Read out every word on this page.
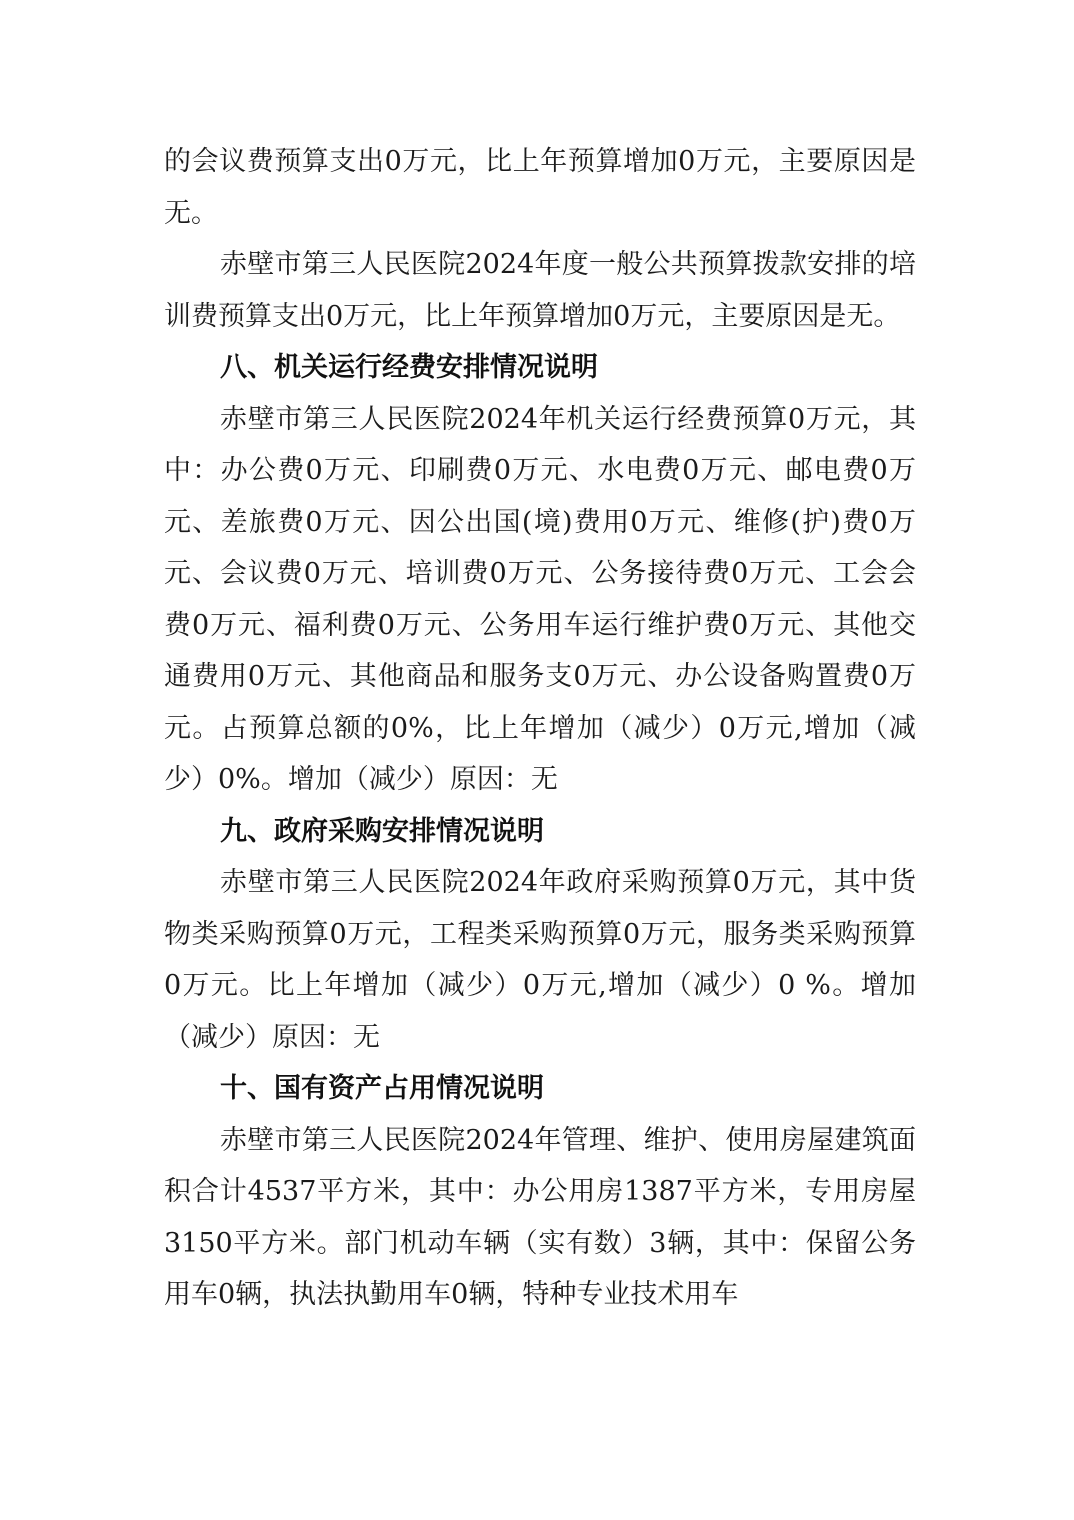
的会议费预算支出0万元，比上年预算增加0万元，主要原因是无。

赤壁市第三人民医院2024年度一般公共预算拨款安排的培训费预算支出0万元，比上年预算增加0万元，主要原因是无。

八、机关运行经费安排情况说明

赤壁市第三人民医院2024年机关运行经费预算0万元，其中：办公费0万元、印刷费0万元、水电费0万元、邮电费0万元、差旅费0万元、因公出国(境)费用0万元、维修(护)费0万元、会议费0万元、培训费0万元、公务接待费0万元、工会会费0万元、福利费0万元、公务用车运行维护费0万元、其他交通费用0万元、其他商品和服务支0万元、办公设备购置费0万元。占预算总额的0%，比上年增加（减少）0万元,增加（减少）0%。增加（减少）原因：无

九、政府采购安排情况说明

赤壁市第三人民医院2024年政府采购预算0万元，其中货物类采购预算0万元，工程类采购预算0万元，服务类采购预算0万元。比上年增加（减少）0万元,增加（减少）0 %。增加（减少）原因：无

十、国有资产占用情况说明

赤壁市第三人民医院2024年管理、维护、使用房屋建筑面积合计4537平方米，其中：办公用房1387平方米，专用房屋3150平方米。部门机动车辆（实有数）3辆，其中：保留公务用车0辆，执法执勤用车0辆，特种专业技术用车
